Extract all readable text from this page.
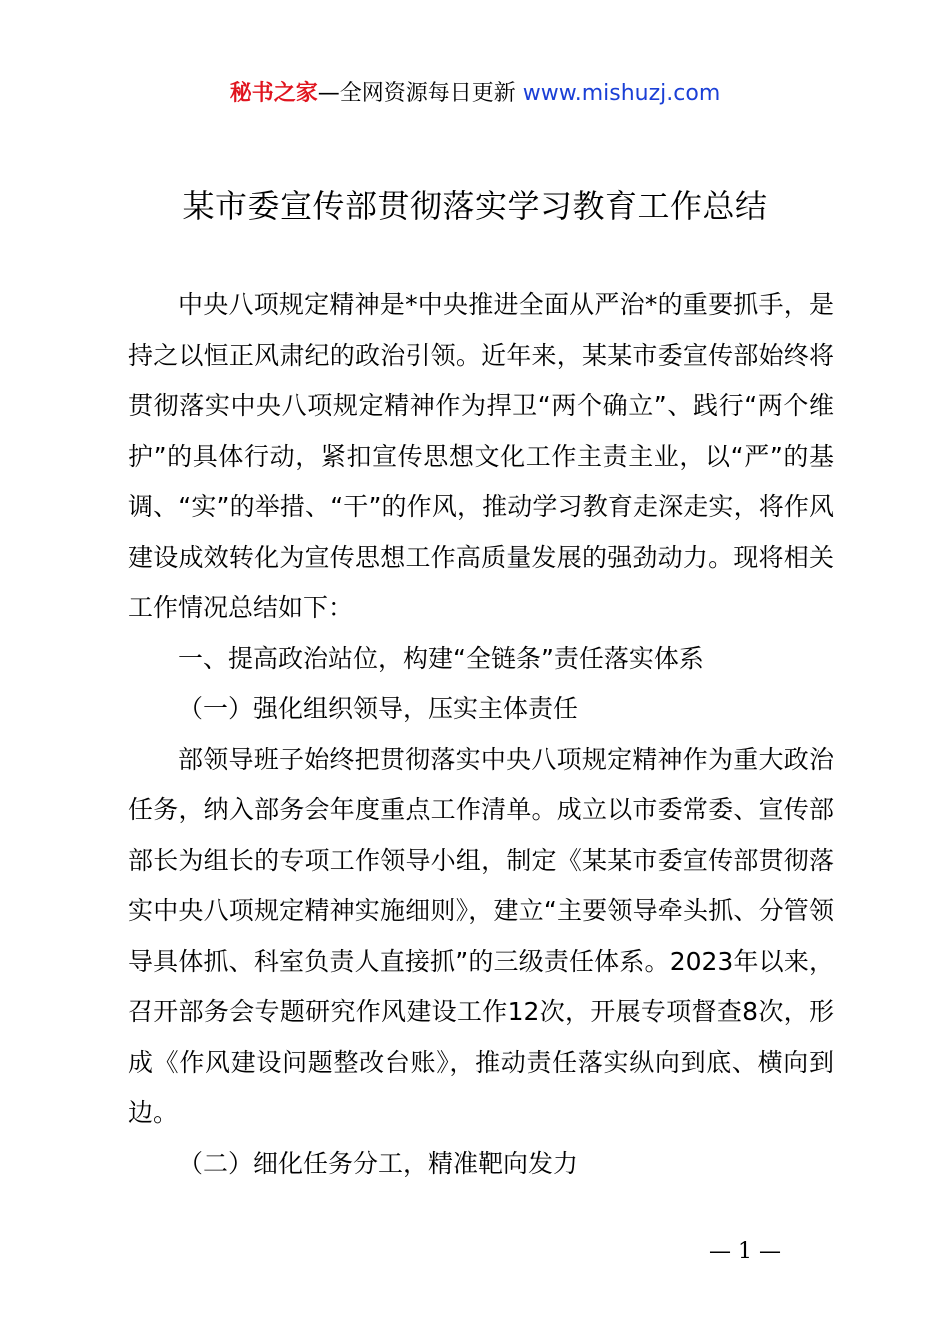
秘书之家—全网资源每日更新 www.mishuzj.com
某市委宣传部贯彻落实学习教育工作总结

中央八项规定精神是*中央推进全面从严治*的重要抓手，是持之以恒正风肃纪的政治引领。近年来，某某市委宣传部始终将贯彻落实中央八项规定精神作为捍卫“两个确立”、践行“两个维护”的具体行动，紧扣宣传思想文化工作主责主业，以“严”的基调、“实”的举措、“干”的作风，推动学习教育走深走实，将作风建设成效转化为宣传思想工作高质量发展的强劲动力。现将相关工作情况总结如下：

一、提高政治站位，构建“全链条”责任落实体系

（一）强化组织领导，压实主体责任

部领导班子始终把贯彻落实中央八项规定精神作为重大政治任务，纳入部务会年度重点工作清单。成立以市委常委、宣传部部长为组长的专项工作领导小组，制定《某某市委宣传部贯彻落实中央八项规定精神实施细则》，建立“主要领导牵头抓、分管领导具体抓、科室负责人直接抓”的三级责任体系。2023年以来，召开部务会专题研究作风建设工作12次，开展专项督查8次，形成《作风建设问题整改台账》，推动责任落实纵向到底、横向到边。

（二）细化任务分工，精准靶向发力

— 1 —
